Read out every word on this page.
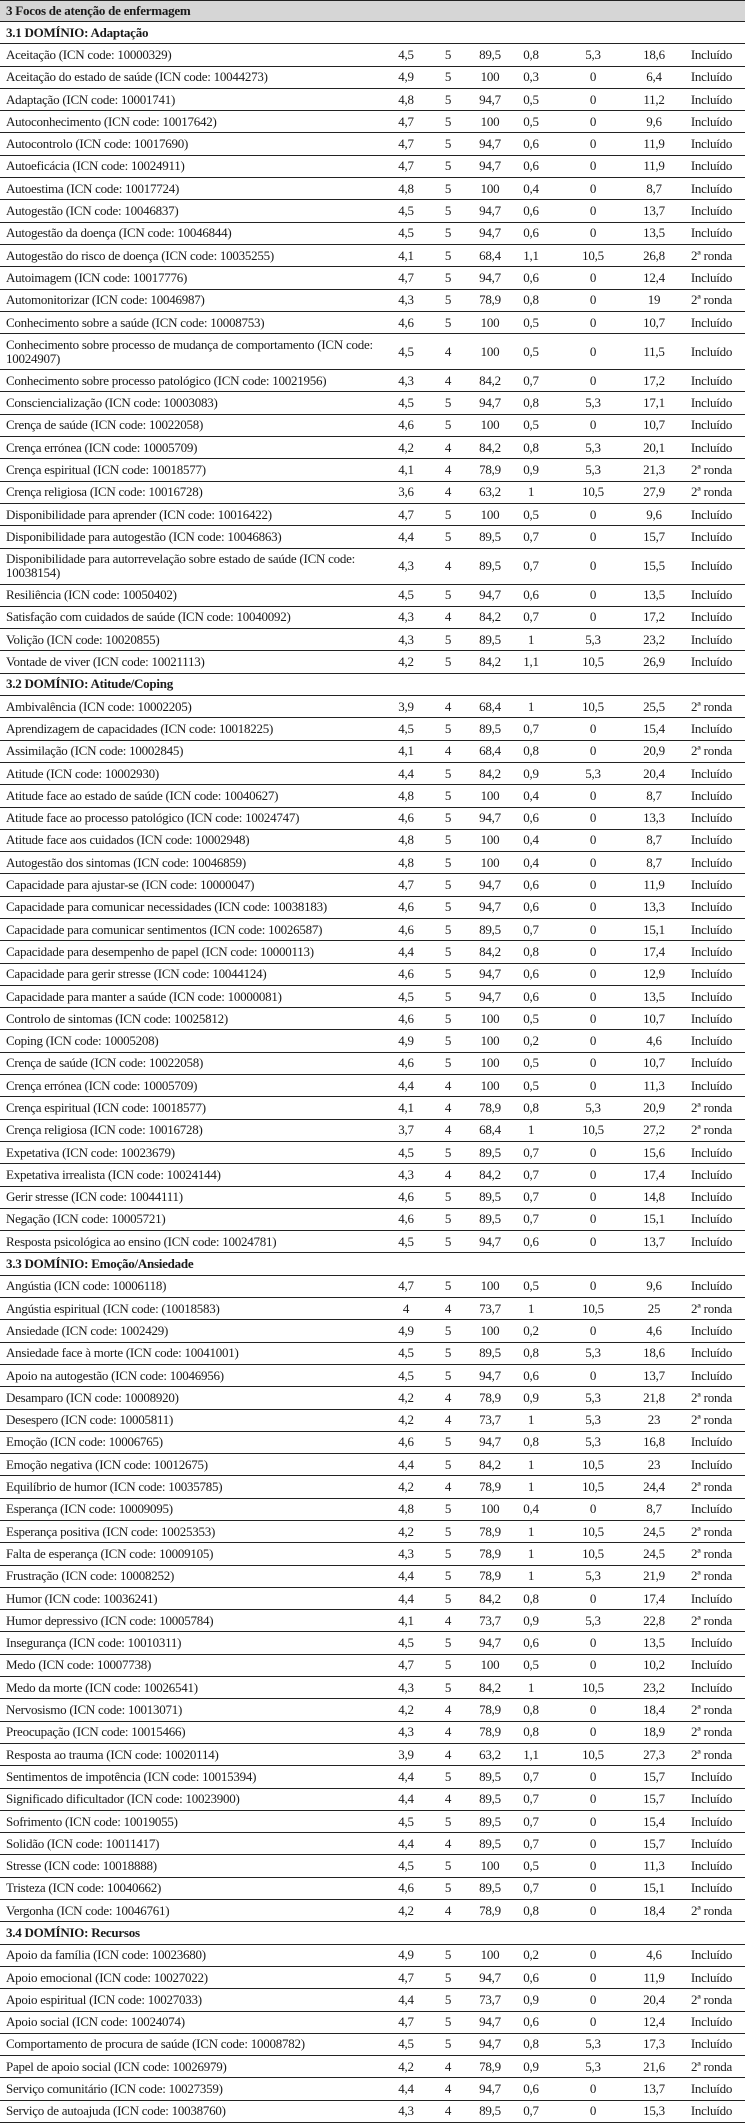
3 Focos de atenção de enfermagem
3.1 DOMÍNIO: Adaptação
Aceitação (ICN code: 10000329)	4,5	5	89,5	0,8	5,3	18,6	Incluído
Aceitação do estado de saúde (ICN code: 10044273)	4,9	5	100	0,3	0	6,4	Incluído
Adaptação (ICN code: 10001741)	4,8	5	94,7	0,5	0	11,2	Incluído
Autoconhecimento (ICN code: 10017642)	4,7	5	100	0,5	0	9,6	Incluído
Autocontrolo (ICN code: 10017690)	4,7	5	94,7	0,6	0	11,9	Incluído
Autoeficácia (ICN code: 10024911)	4,7	5	94,7	0,6	0	11,9	Incluído
Autoestima (ICN code: 10017724)	4,8	5	100	0,4	0	8,7	Incluído
Autogestão (ICN code: 10046837)	4,5	5	94,7	0,6	0	13,7	Incluído
Autogestão da doença (ICN code: 10046844)	4,5	5	94,7	0,6	0	13,5	Incluído
Autogestão do risco de doença (ICN code: 10035255)	4,1	5	68,4	1,1	10,5	26,8	2ª ronda
Autoimagem (ICN code: 10017776)	4,7	5	94,7	0,6	0	12,4	Incluído
Automonitorizar (ICN code: 10046987)	4,3	5	78,9	0,8	0	19	2ª ronda
Conhecimento sobre a saúde (ICN code: 10008753)	4,6	5	100	0,5	0	10,7	Incluído
Conhecimento sobre processo de mudança de comportamento (ICN code: 10024907)	4,5	4	100	0,5	0	11,5	Incluído
Conhecimento sobre processo patológico (ICN code: 10021956)	4,3	4	84,2	0,7	0	17,2	Incluído
Consciencialização (ICN code: 10003083)	4,5	5	94,7	0,8	5,3	17,1	Incluído
Crença de saúde (ICN code: 10022058)	4,6	5	100	0,5	0	10,7	Incluído
Crença errónea (ICN code: 10005709)	4,2	4	84,2	0,8	5,3	20,1	Incluído
Crença espiritual (ICN code: 10018577)	4,1	4	78,9	0,9	5,3	21,3	2ª ronda
Crença religiosa (ICN code: 10016728)	3,6	4	63,2	1	10,5	27,9	2ª ronda
Disponibilidade para aprender (ICN code: 10016422)	4,7	5	100	0,5	0	9,6	Incluído
Disponibilidade para autogestão (ICN code: 10046863)	4,4	5	89,5	0,7	0	15,7	Incluído
Disponibilidade para autorrevelação sobre estado de saúde (ICN code: 10038154)	4,3	4	89,5	0,7	0	15,5	Incluído
Resiliência (ICN code: 10050402)	4,5	5	94,7	0,6	0	13,5	Incluído
Satisfação com cuidados de saúde (ICN code: 10040092)	4,3	4	84,2	0,7	0	17,2	Incluído
Volição (ICN code: 10020855)	4,3	5	89,5	1	5,3	23,2	Incluído
Vontade de viver (ICN code: 10021113)	4,2	5	84,2	1,1	10,5	26,9	Incluído
3.2 DOMÍNIO: Atitude/Coping
Ambivalência (ICN code: 10002205)	3,9	4	68,4	1	10,5	25,5	2ª ronda
Aprendizagem de capacidades (ICN code: 10018225)	4,5	5	89,5	0,7	0	15,4	Incluído
Assimilação (ICN code: 10002845)	4,1	4	68,4	0,8	0	20,9	2ª ronda
Atitude (ICN code: 10002930)	4,4	5	84,2	0,9	5,3	20,4	Incluído
Atitude face ao estado de saúde (ICN code: 10040627)	4,8	5	100	0,4	0	8,7	Incluído
Atitude face ao processo patológico (ICN code: 10024747)	4,6	5	94,7	0,6	0	13,3	Incluído
Atitude face aos cuidados (ICN code: 10002948)	4,8	5	100	0,4	0	8,7	Incluído
Autogestão dos sintomas (ICN code: 10046859)	4,8	5	100	0,4	0	8,7	Incluído
Capacidade para ajustar-se (ICN code: 10000047)	4,7	5	94,7	0,6	0	11,9	Incluído
Capacidade para comunicar necessidades (ICN code: 10038183)	4,6	5	94,7	0,6	0	13,3	Incluído
Capacidade para comunicar sentimentos (ICN code: 10026587)	4,6	5	89,5	0,7	0	15,1	Incluído
Capacidade para desempenho de papel (ICN code: 10000113)	4,4	5	84,2	0,8	0	17,4	Incluído
Capacidade para gerir stresse (ICN code: 10044124)	4,6	5	94,7	0,6	0	12,9	Incluído
Capacidade para manter a saúde (ICN code: 10000081)	4,5	5	94,7	0,6	0	13,5	Incluído
Controlo de sintomas (ICN code: 10025812)	4,6	5	100	0,5	0	10,7	Incluído
Coping (ICN code: 10005208)	4,9	5	100	0,2	0	4,6	Incluído
Crença de saúde (ICN code: 10022058)	4,6	5	100	0,5	0	10,7	Incluído
Crença errónea (ICN code: 10005709)	4,4	4	100	0,5	0	11,3	Incluído
Crença espiritual (ICN code: 10018577)	4,1	4	78,9	0,8	5,3	20,9	2ª ronda
Crença religiosa (ICN code: 10016728)	3,7	4	68,4	1	10,5	27,2	2ª ronda
Expetativa (ICN code: 10023679)	4,5	5	89,5	0,7	0	15,6	Incluído
Expetativa irrealista (ICN code: 10024144)	4,3	4	84,2	0,7	0	17,4	Incluído
Gerir stresse (ICN code: 10044111)	4,6	5	89,5	0,7	0	14,8	Incluído
Negação (ICN code: 10005721)	4,6	5	89,5	0,7	0	15,1	Incluído
Resposta psicológica ao ensino (ICN code: 10024781)	4,5	5	94,7	0,6	0	13,7	Incluído
3.3 DOMÍNIO: Emoção/Ansiedade
Angústia (ICN code: 10006118)	4,7	5	100	0,5	0	9,6	Incluído
Angústia espiritual (ICN code: (10018583)	4	4	73,7	1	10,5	25	2ª ronda
Ansiedade (ICN code: 1002429)	4,9	5	100	0,2	0	4,6	Incluído
Ansiedade face à morte (ICN code: 10041001)	4,5	5	89,5	0,8	5,3	18,6	Incluído
Apoio na autogestão (ICN code: 10046956)	4,5	5	94,7	0,6	0	13,7	Incluído
Desamparo (ICN code: 10008920)	4,2	4	78,9	0,9	5,3	21,8	2ª ronda
Desespero (ICN code: 10005811)	4,2	4	73,7	1	5,3	23	2ª ronda
Emoção (ICN code: 10006765)	4,6	5	94,7	0,8	5,3	16,8	Incluído
Emoção negativa (ICN code: 10012675)	4,4	5	84,2	1	10,5	23	Incluído
Equilíbrio de humor (ICN code: 10035785)	4,2	4	78,9	1	10,5	24,4	2ª ronda
Esperança (ICN code: 10009095)	4,8	5	100	0,4	0	8,7	Incluído
Esperança positiva (ICN code: 10025353)	4,2	5	78,9	1	10,5	24,5	2ª ronda
Falta de esperança (ICN code: 10009105)	4,3	5	78,9	1	10,5	24,5	2ª ronda
Frustração (ICN code: 10008252)	4,4	5	78,9	1	5,3	21,9	2ª ronda
Humor (ICN code: 10036241)	4,4	5	84,2	0,8	0	17,4	Incluído
Humor depressivo (ICN code: 10005784)	4,1	4	73,7	0,9	5,3	22,8	2ª ronda
Insegurança (ICN code: 10010311)	4,5	5	94,7	0,6	0	13,5	Incluído
Medo (ICN code: 10007738)	4,7	5	100	0,5	0	10,2	Incluído
Medo da morte (ICN code: 10026541)	4,3	5	84,2	1	10,5	23,2	Incluído
Nervosismo (ICN code: 10013071)	4,2	4	78,9	0,8	0	18,4	2ª ronda
Preocupação (ICN code: 10015466)	4,3	4	78,9	0,8	0	18,9	2ª ronda
Resposta ao trauma (ICN code: 10020114)	3,9	4	63,2	1,1	10,5	27,3	2ª ronda
Sentimentos de impotência (ICN code: 10015394)	4,4	5	89,5	0,7	0	15,7	Incluído
Significado dificultador (ICN code: 10023900)	4,4	4	89,5	0,7	0	15,7	Incluído
Sofrimento (ICN code: 10019055)	4,5	5	89,5	0,7	0	15,4	Incluído
Solidão (ICN code: 10011417)	4,4	4	89,5	0,7	0	15,7	Incluído
Stresse (ICN code: 10018888)	4,5	5	100	0,5	0	11,3	Incluído
Tristeza (ICN code: 10040662)	4,6	5	89,5	0,7	0	15,1	Incluído
Vergonha (ICN code: 10046761)	4,2	4	78,9	0,8	0	18,4	2ª ronda
3.4 DOMÍNIO: Recursos
Apoio da família (ICN code: 10023680)	4,9	5	100	0,2	0	4,6	Incluído
Apoio emocional (ICN code: 10027022)	4,7	5	94,7	0,6	0	11,9	Incluído
Apoio espiritual (ICN code: 10027033)	4,4	5	73,7	0,9	0	20,4	2ª ronda
Apoio social (ICN code: 10024074)	4,7	5	94,7	0,6	0	12,4	Incluído
Comportamento de procura de saúde (ICN code: 10008782)	4,5	5	94,7	0,8	5,3	17,3	Incluído
Papel de apoio social (ICN code: 10026979)	4,2	4	78,9	0,9	5,3	21,6	2ª ronda
Serviço comunitário (ICN code: 10027359)	4,4	4	94,7	0,6	0	13,7	Incluído
Serviço de autoajuda (ICN code: 10038760)	4,3	4	89,5	0,7	0	15,3	Incluído
